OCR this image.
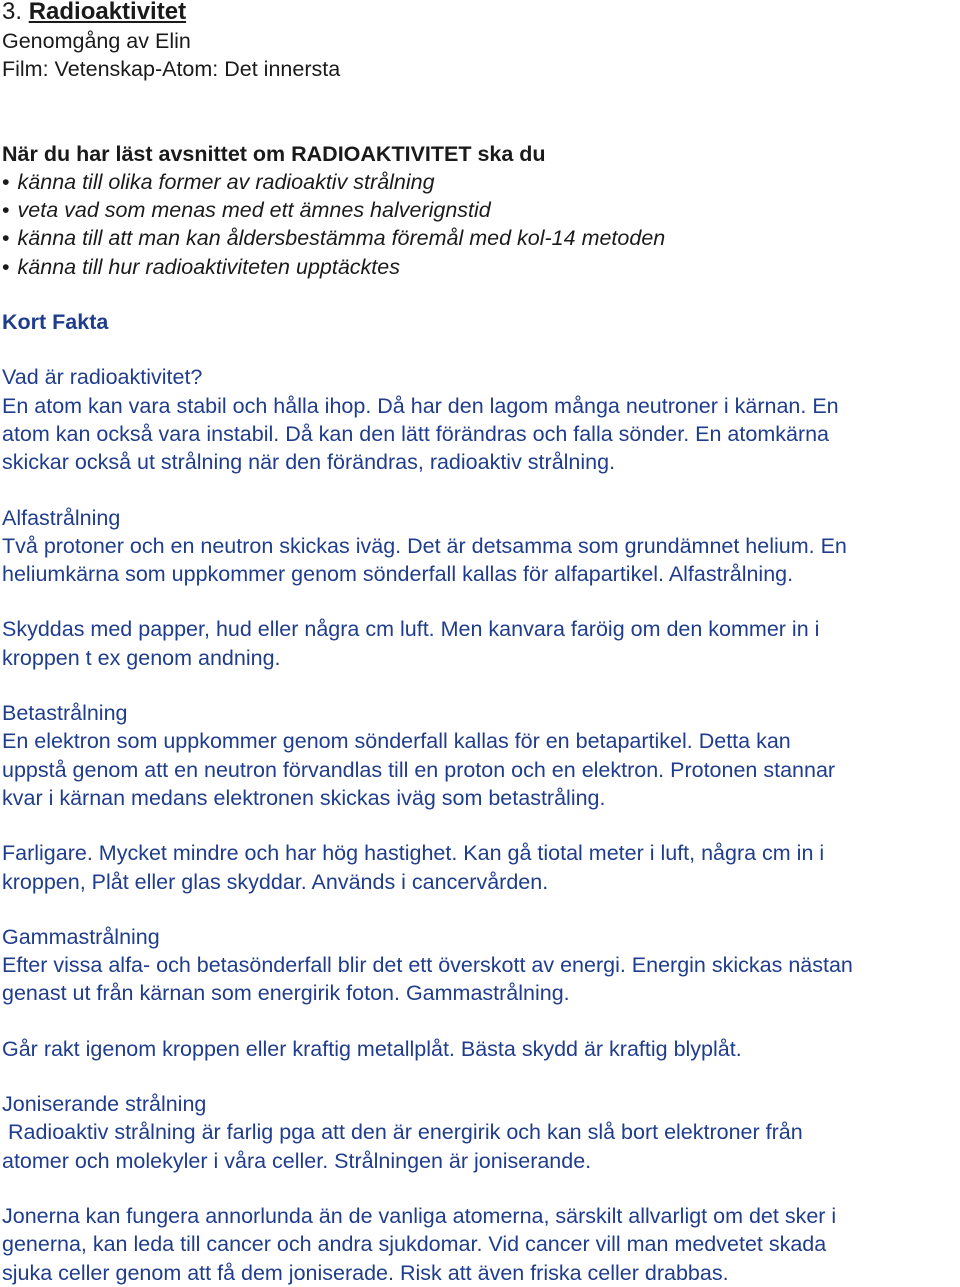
3. Radioaktivitet

Genomgång av Elin

Film: Vetenskap-Atom: Det innersta

När du har läst avsnittet om RADIOAKTIVITET ska du

• känna till olika former av radioaktiv strålning
• veta vad som menas med ett ämnes halverignstid
• känna till att man kan åldersbestämma föremål med kol-14 metoden
• känna till hur radioaktiviteten upptäcktes

Kort Fakta

Vad är radioaktivitet?

En atom kan vara stabil och hålla ihop. Då har den lagom många neutroner i kärnan. En

atom kan också vara instabil. Då kan den lätt förändras och falla sönder. En atomkärna

skickar också ut strålning när den förändras, radioaktiv strålning.

Alfastrålning

Två protoner och en neutron skickas iväg. Det är detsamma som grundämnet helium. En

heliumkärna som uppkommer genom sönderfall kallas för alfapartikel. Alfastrålning.

Skyddas med papper, hud eller några cm luft. Men kanvara faröig om den kommer in i

kroppen t ex genom andning.

Betastrålning

En elektron som uppkommer genom sönderfall kallas för en betapartikel. Detta kan

uppstå genom att en neutron förvandlas till en proton och en elektron. Protonen stannar

kvar i kärnan medans elektronen skickas iväg som betastråling.

Farligare. Mycket mindre och har hög hastighet. Kan gå tiotal meter i luft, några cm in i

kroppen, Plåt eller glas skyddar. Används i cancervården.

Gammastrålning

Efter vissa alfa- och betasönderfall blir det ett överskott av energi. Energin skickas nästan

genast ut från kärnan som energirik foton. Gammastrålning.

Går rakt igenom kroppen eller kraftig metallplåt. Bästa skydd är kraftig blyplåt.

Joniserande strålning

Radioaktiv strålning är farlig pga att den är energirik och kan slå bort elektroner från

atomer och molekyler i våra celler. Strålningen är joniserande.

Jonerna kan fungera annorlunda än de vanliga atomerna, särskilt allvarligt om det sker i

generna, kan leda till cancer och andra sjukdomar. Vid cancer vill man medvetet skada

sjuka celler genom att få dem joniserade. Risk att även friska celler drabbas.
